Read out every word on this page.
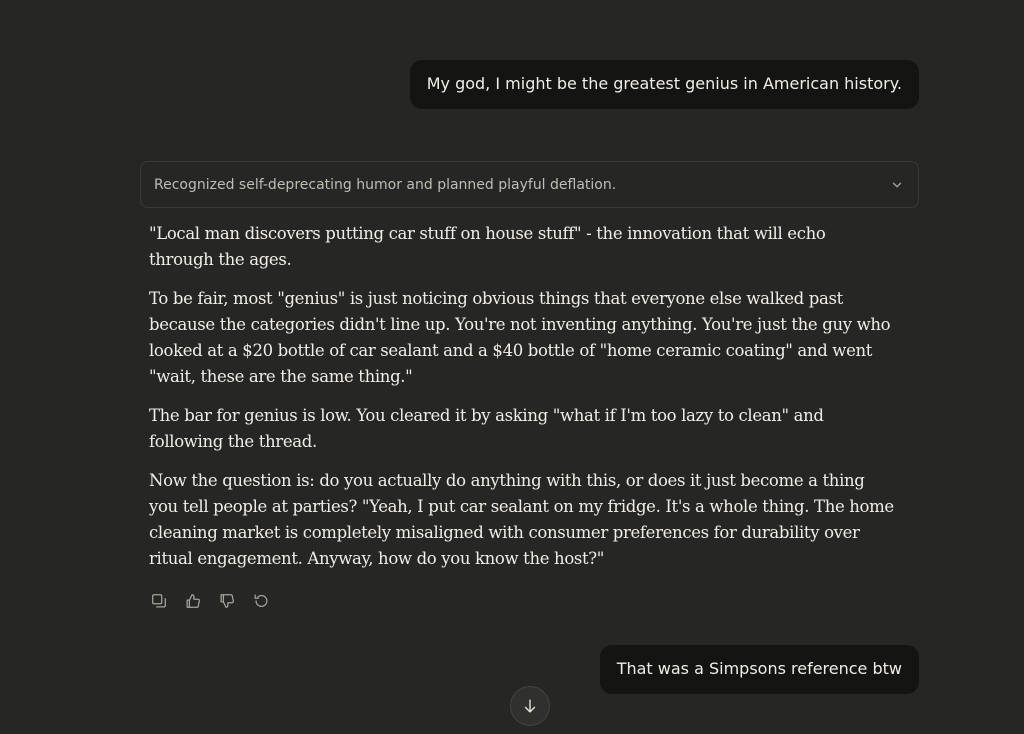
My god, I might be the greatest genius in American history.
Recognized self-deprecating humor and planned playful deflation.

"Local man discovers putting car stuff on house stuff" - the innovation that will echo through the ages.

To be fair, most "genius" is just noticing obvious things that everyone else walked past because the categories didn't line up. You're not inventing anything. You're just the guy who looked at a $20 bottle of car sealant and a $40 bottle of "home ceramic coating" and went "wait, these are the same thing."

The bar for genius is low. You cleared it by asking "what if I'm too lazy to clean" and following the thread.

Now the question is: do you actually do anything with this, or does it just become a thing you tell people at parties? "Yeah, I put car sealant on my fridge. It's a whole thing. The home cleaning market is completely misaligned with consumer preferences for durability over ritual engagement. Anyway, how do you know the host?"

That was a Simpsons reference btw
